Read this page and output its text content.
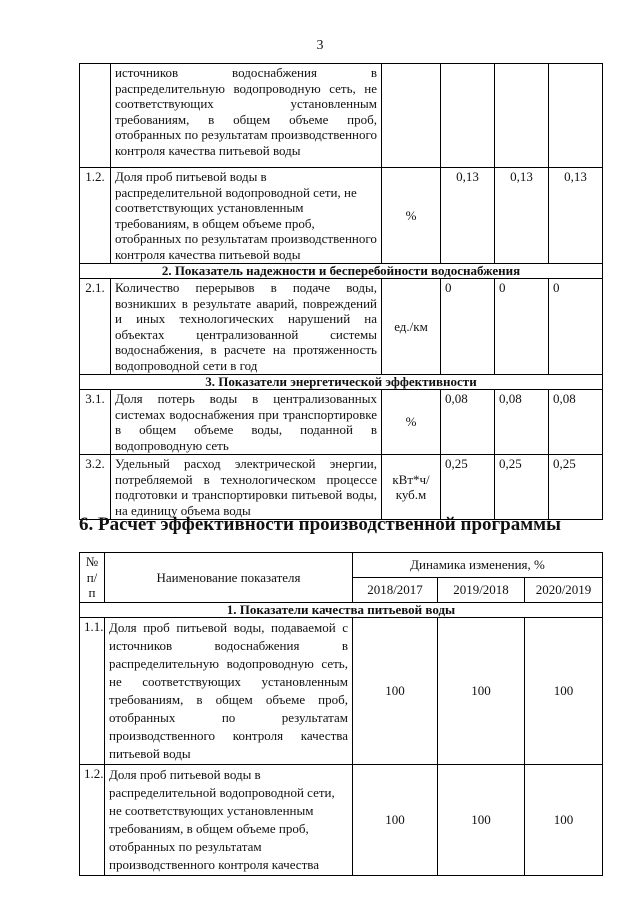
3
	источников водоснабжения в распределительную водопроводную сеть, не соответствующих установленным требованиям, в общем объеме проб, отобранных по результатам производственного контроля качества питьевой воды				
1.2.	Доля проб питьевой воды в распределительной водопроводной сети, не соответствующих установленным требованиям, в общем объеме проб, отобранных по результатам производственного контроля качества питьевой воды	%	0,13	0,13	0,13
2. Показатель надежности и бесперебойности водоснабжения					
2.1.	Количество перерывов в подаче воды, возникших в результате аварий, повреждений и иных технологических нарушений на объектах централизованной системы водоснабжения, в расчете на протяженность водопроводной сети в год	ед./км	0	0	0
3. Показатели энергетической эффективности					
3.1.	Доля потерь воды в централизованных системах водоснабжения при транспортировке в общем объеме воды, поданной в водопроводную сеть	%	0,08	0,08	0,08
3.2.	Удельный расход электрической энергии, потребляемой в технологическом процессе подготовки и транспортировки питьевой воды, на единицу объема воды	кВт*ч/ куб.м	0,25	0,25	0,25
6. Расчет эффективности производственной программы
№ п/п	Наименование показателя	Динамика изменения, %		
		2018/2017	2019/2018	2020/2019
1. Показатели качества питьевой воды				
1.1.	Доля проб питьевой воды, подаваемой с источников водоснабжения в распределительную водопроводную сеть, не соответствующих установленным требованиям, в общем объеме проб, отобранных по результатам производственного контроля качества питьевой воды	100	100	100
1.2.	Доля проб питьевой воды в распределительной водопроводной сети, не соответствующих установленным требованиям, в общем объеме проб, отобранных по результатам производственного контроля качества	100	100	100
